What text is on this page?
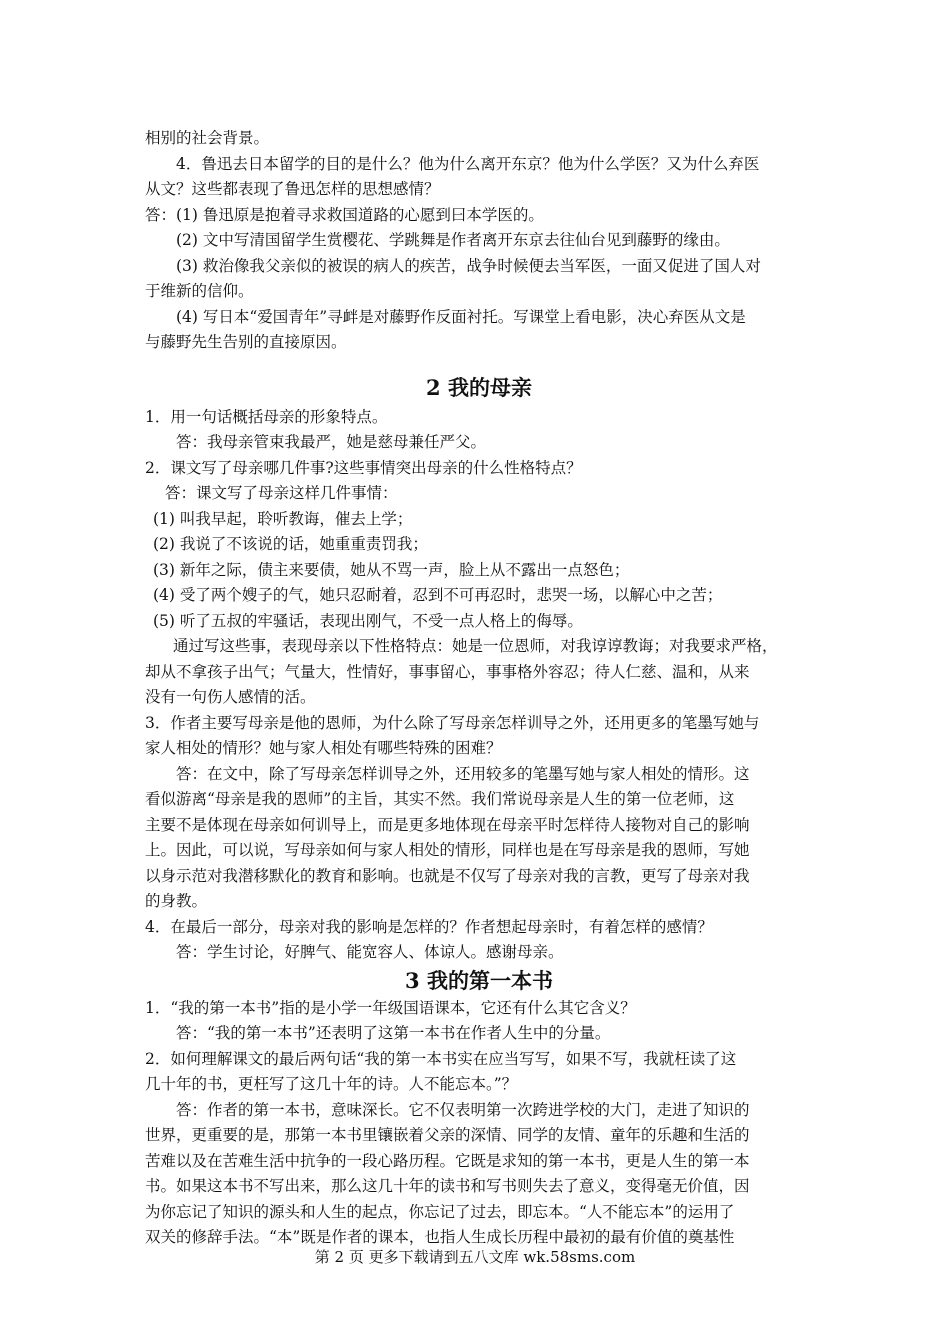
相别的社会背景。
4．鲁迅去日本留学的目的是什么？他为什么离开东京？他为什么学医？又为什么弃医
从文？这些都表现了鲁迅怎样的思想感情？
答：(1) 鲁迅原是抱着寻求救国道路的心愿到曰本学医的。
(2) 文中写清国留学生赏樱花、学跳舞是作者离开东京去往仙台见到藤野的缘由。
(3) 救治像我父亲似的被误的病人的疾苦，战争时候便去当军医，一面又促进了国人对
于维新的信仰。
(4) 写日本“爱国青年”寻衅是对藤野作反面衬托。写课堂上看电影，决心弃医从文是
与藤野先生告别的直接原因。
2 我的母亲
1．用一句话概括母亲的形象特点。
答：我母亲管束我最严，她是慈母兼任严父。
2．课文写了母亲哪几件事?这些事情突出母亲的什么性格特点？
答：课文写了母亲这样几件事情：
(1) 叫我早起，聆听教诲，催去上学；
(2) 我说了不该说的话，她重重责罚我；
(3) 新年之际，债主来要债，她从不骂一声，脸上从不露出一点怒色；
(4) 受了两个嫂子的气，她只忍耐着，忍到不可再忍时，悲哭一场，以解心中之苦；
(5) 听了五叔的牢骚话，表现出刚气，不受一点人格上的侮辱。
通过写这些事，表现母亲以下性格特点：她是一位恩师，对我谆谆教诲；对我要求严格，
却从不拿孩子出气；气量大，性情好，事事留心，事事格外容忍；待人仁慈、温和，从来
没有一句伤人感情的活。
3．作者主要写母亲是他的恩师，为什么除了写母亲怎样训导之外，还用更多的笔墨写她与
家人相处的情形？她与家人相处有哪些特殊的困难？
答：在文中，除了写母亲怎样训导之外，还用较多的笔墨写她与家人相处的情形。这
看似游离“母亲是我的恩师”的主旨，其实不然。我们常说母亲是人生的第一位老师，这
主要不是体现在母亲如何训导上，而是更多地体现在母亲平时怎样待人接物对自己的影响
上。因此，可以说，写母亲如何与家人相处的情形，同样也是在写母亲是我的恩师，写她
以身示范对我潜移默化的教育和影响。也就是不仅写了母亲对我的言教，更写了母亲对我
的身教。
4．在最后一部分，母亲对我的影响是怎样的？作者想起母亲时，有着怎样的感情？
答：学生讨论，好脾气、能宽容人、体谅人。感谢母亲。
3 我的第一本书
1．“我的第一本书”指的是小学一年级国语课本，它还有什么其它含义？
答：“我的第一本书”还表明了这第一本书在作者人生中的分量。
2．如何理解课文的最后两句话“我的第一本书实在应当写写，如果不写，我就枉读了这
几十年的书，更枉写了这几十年的诗。人不能忘本。”？
答：作者的第一本书，意味深长。它不仅表明第一次跨进学校的大门，走进了知识的
世界，更重要的是，那第一本书里镶嵌着父亲的深情、同学的友情、童年的乐趣和生活的
苦难以及在苦难生活中抗争的一段心路历程。它既是求知的第一本书，更是人生的第一本
书。如果这本书不写出来，那么这几十年的读书和写书则失去了意义，变得毫无价值，因
为你忘记了知识的源头和人生的起点，你忘记了过去，即忘本。“人不能忘本”的运用了
双关的修辞手法。“本”既是作者的课本，也指人生成长历程中最初的最有价值的奠基性
第 2 页 更多下载请到五八文库 wk.58sms.com
